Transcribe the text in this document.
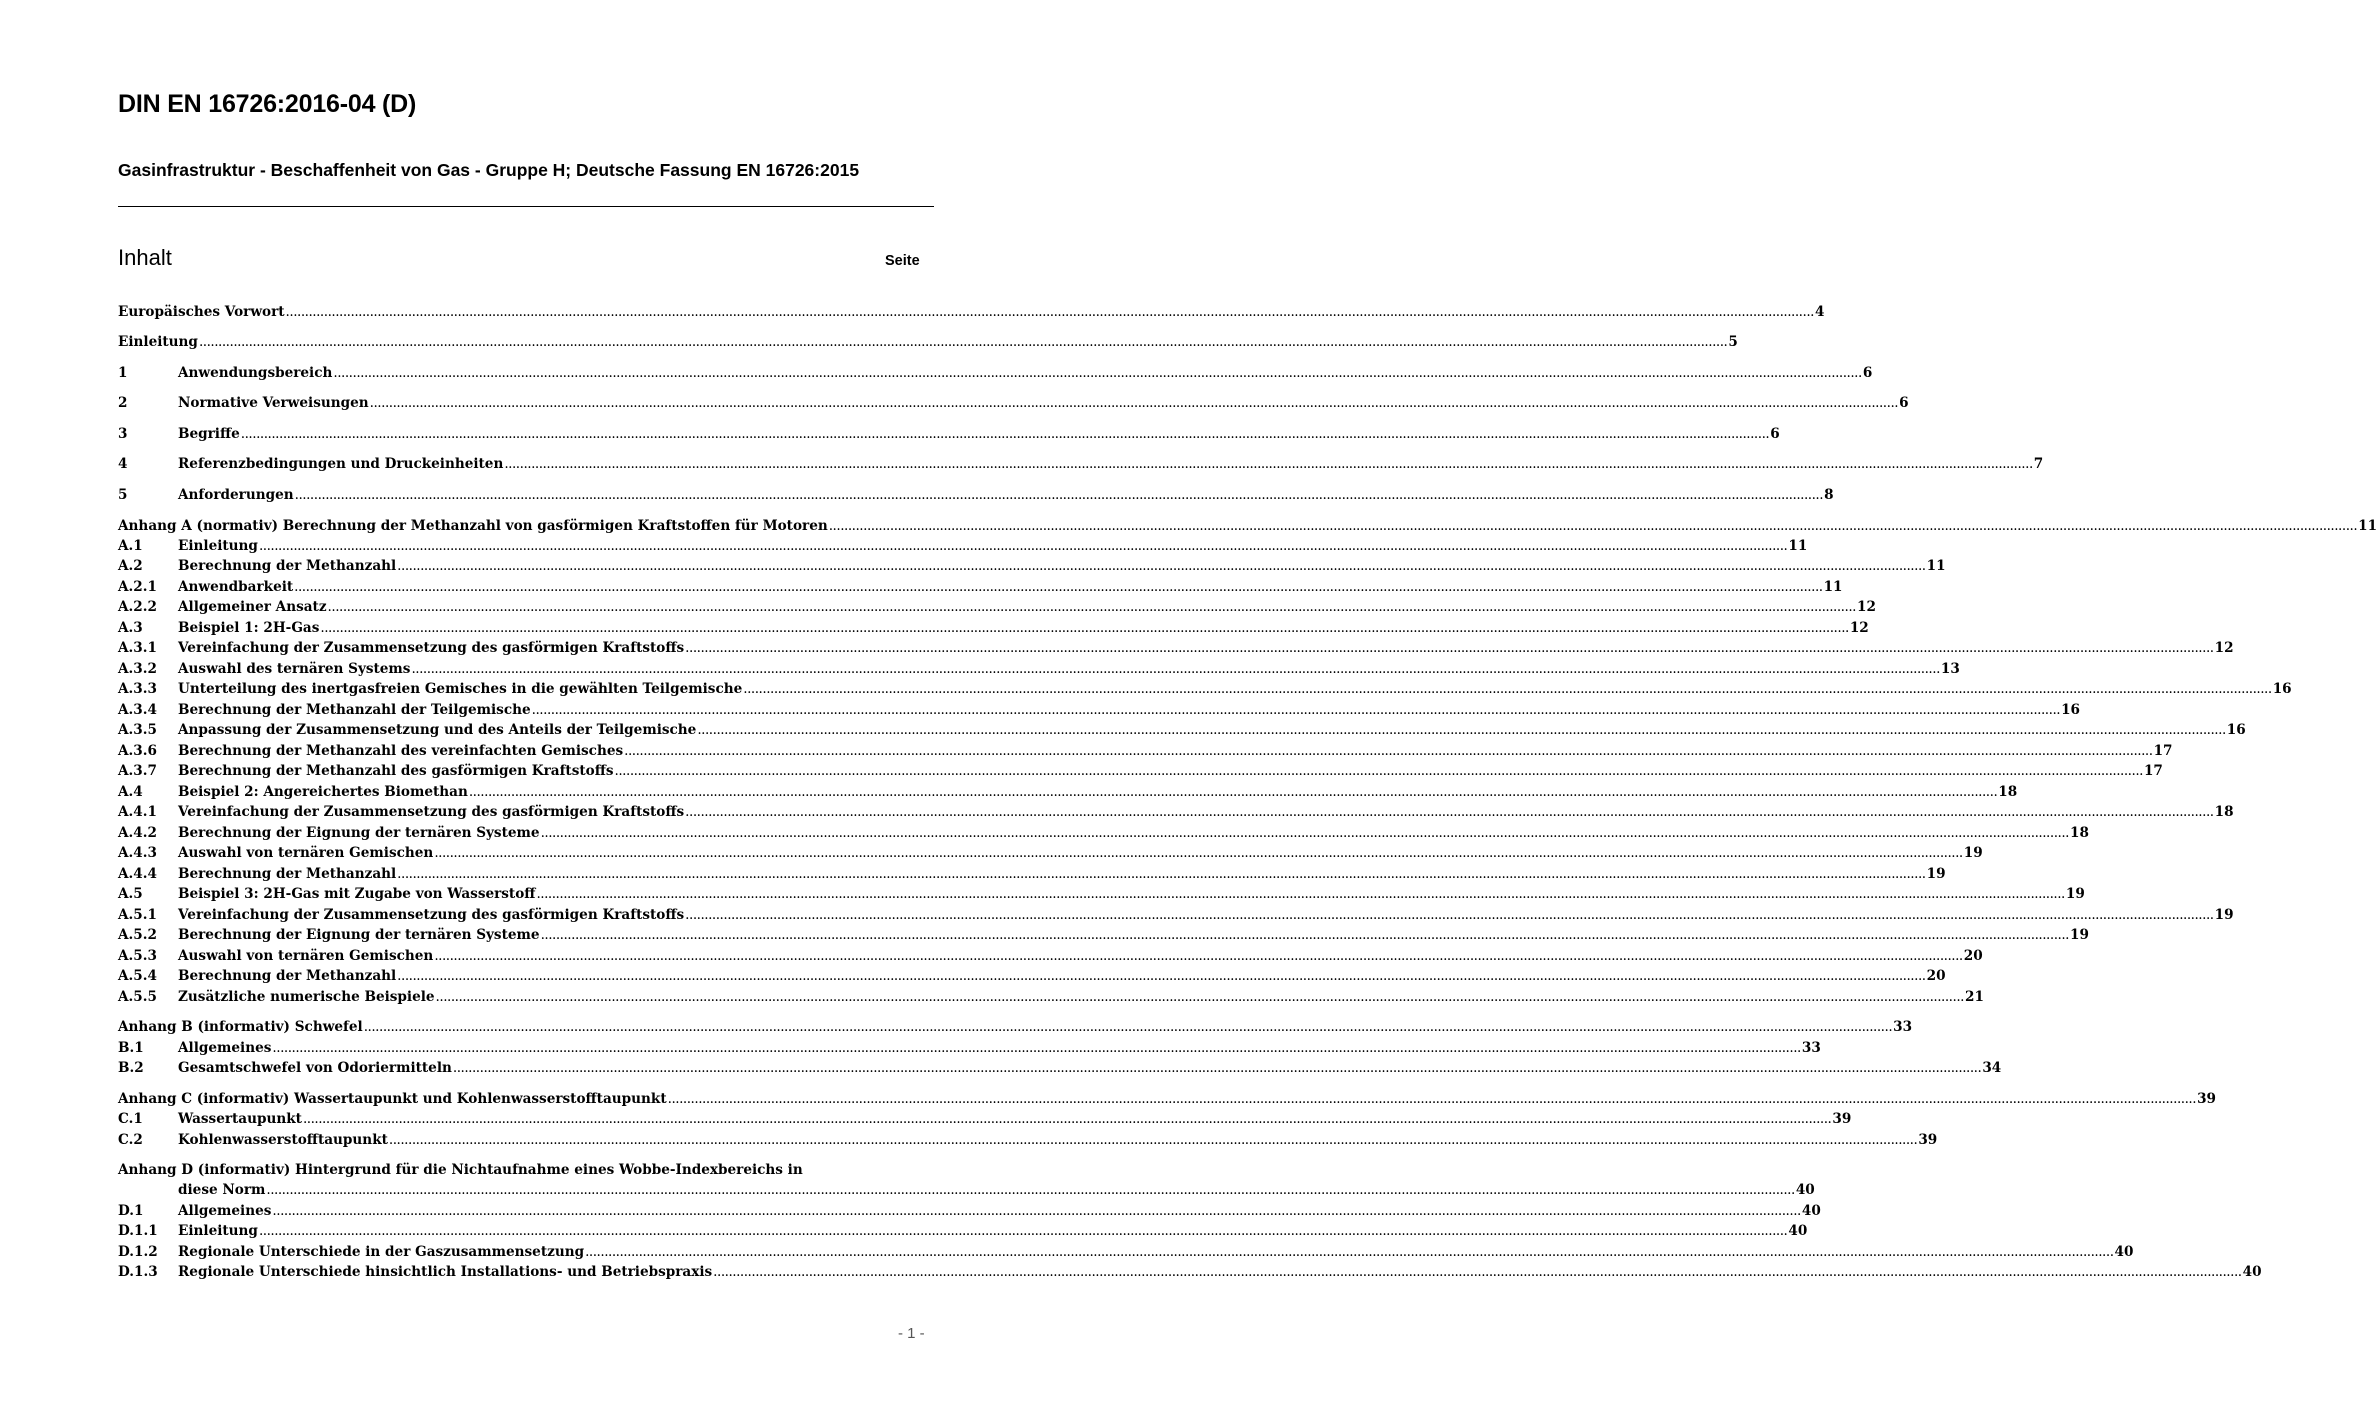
DIN EN 16726:2016-04 (D)
Gasinfrastruktur - Beschaffenheit von Gas - Gruppe H; Deutsche Fassung EN 16726:2015
Inhalt	Seite
Europäisches Vorwort ................................................................................................................................................................................................................................................................................................................................................................................................................ 4
Einleitung ................................................................................................................................................................................................................................................................................................................................................................................................................ 5
1	Anwendungsbereich ................................................................................................................................................................................................................................................................................................................................................................................................................ 6
2	Normative Verweisungen ................................................................................................................................................................................................................................................................................................................................................................................................................ 6
3	Begriffe ................................................................................................................................................................................................................................................................................................................................................................................................................ 6
4	Referenzbedingungen und Druckeinheiten ................................................................................................................................................................................................................................................................................................................................................................................................................ 7
5	Anforderungen ................................................................................................................................................................................................................................................................................................................................................................................................................ 8
Anhang A (normativ) Berechnung der Methanzahl von gasförmigen Kraftstoffen für Motoren ................................................................................................................................................................................................................................................................................................................................................................................................................ 11
A.1	Einleitung ................................................................................................................................................................................................................................................................................................................................................................................................................ 11
A.2	Berechnung der Methanzahl ................................................................................................................................................................................................................................................................................................................................................................................................................ 11
A.2.1	Anwendbarkeit ................................................................................................................................................................................................................................................................................................................................................................................................................ 11
A.2.2	Allgemeiner Ansatz ................................................................................................................................................................................................................................................................................................................................................................................................................ 12
A.3	Beispiel 1: 2H-Gas ................................................................................................................................................................................................................................................................................................................................................................................................................ 12
A.3.1	Vereinfachung der Zusammensetzung des gasförmigen Kraftstoffs ................................................................................................................................................................................................................................................................................................................................................................................................................ 12
A.3.2	Auswahl des ternären Systems ................................................................................................................................................................................................................................................................................................................................................................................................................ 13
A.3.3	Unterteilung des inertgasfreien Gemisches in die gewählten Teilgemische ................................................................................................................................................................................................................................................................................................................................................................................................................ 16
A.3.4	Berechnung der Methanzahl der Teilgemische ................................................................................................................................................................................................................................................................................................................................................................................................................ 16
A.3.5	Anpassung der Zusammensetzung und des Anteils der Teilgemische ................................................................................................................................................................................................................................................................................................................................................................................................................ 16
A.3.6	Berechnung der Methanzahl des vereinfachten Gemisches ................................................................................................................................................................................................................................................................................................................................................................................................................ 17
A.3.7	Berechnung der Methanzahl des gasförmigen Kraftstoffs ................................................................................................................................................................................................................................................................................................................................................................................................................ 17
A.4	Beispiel 2: Angereichertes Biomethan ................................................................................................................................................................................................................................................................................................................................................................................................................ 18
A.4.1	Vereinfachung der Zusammensetzung des gasförmigen Kraftstoffs ................................................................................................................................................................................................................................................................................................................................................................................................................ 18
A.4.2	Berechnung der Eignung der ternären Systeme ................................................................................................................................................................................................................................................................................................................................................................................................................ 18
A.4.3	Auswahl von ternären Gemischen ................................................................................................................................................................................................................................................................................................................................................................................................................ 19
A.4.4	Berechnung der Methanzahl ................................................................................................................................................................................................................................................................................................................................................................................................................ 19
A.5	Beispiel 3: 2H-Gas mit Zugabe von Wasserstoff ................................................................................................................................................................................................................................................................................................................................................................................................................ 19
A.5.1	Vereinfachung der Zusammensetzung des gasförmigen Kraftstoffs ................................................................................................................................................................................................................................................................................................................................................................................................................ 19
A.5.2	Berechnung der Eignung der ternären Systeme ................................................................................................................................................................................................................................................................................................................................................................................................................ 19
A.5.3	Auswahl von ternären Gemischen ................................................................................................................................................................................................................................................................................................................................................................................................................ 20
A.5.4	Berechnung der Methanzahl ................................................................................................................................................................................................................................................................................................................................................................................................................ 20
A.5.5	Zusätzliche numerische Beispiele ................................................................................................................................................................................................................................................................................................................................................................................................................ 21
Anhang B (informativ) Schwefel ................................................................................................................................................................................................................................................................................................................................................................................................................ 33
B.1	Allgemeines ................................................................................................................................................................................................................................................................................................................................................................................................................ 33
B.2	Gesamtschwefel von Odoriermitteln ................................................................................................................................................................................................................................................................................................................................................................................................................ 34
Anhang C (informativ) Wassertaupunkt und Kohlenwasserstofftaupunkt ................................................................................................................................................................................................................................................................................................................................................................................................................ 39
C.1	Wassertaupunkt ................................................................................................................................................................................................................................................................................................................................................................................................................ 39
C.2	Kohlenwasserstofftaupunkt ................................................................................................................................................................................................................................................................................................................................................................................................................ 39
Anhang D (informativ) Hintergrund für die Nichtaufnahme eines Wobbe-Indexbereichs in
diese Norm ................................................................................................................................................................................................................................................................................................................................................................................................................ 40
D.1	Allgemeines ................................................................................................................................................................................................................................................................................................................................................................................................................ 40
D.1.1	Einleitung ................................................................................................................................................................................................................................................................................................................................................................................................................ 40
D.1.2	Regionale Unterschiede in der Gaszusammensetzung ................................................................................................................................................................................................................................................................................................................................................................................................................ 40
D.1.3	Regionale Unterschiede hinsichtlich Installations- und Betriebspraxis ................................................................................................................................................................................................................................................................................................................................................................................................................ 40
- 1 -
